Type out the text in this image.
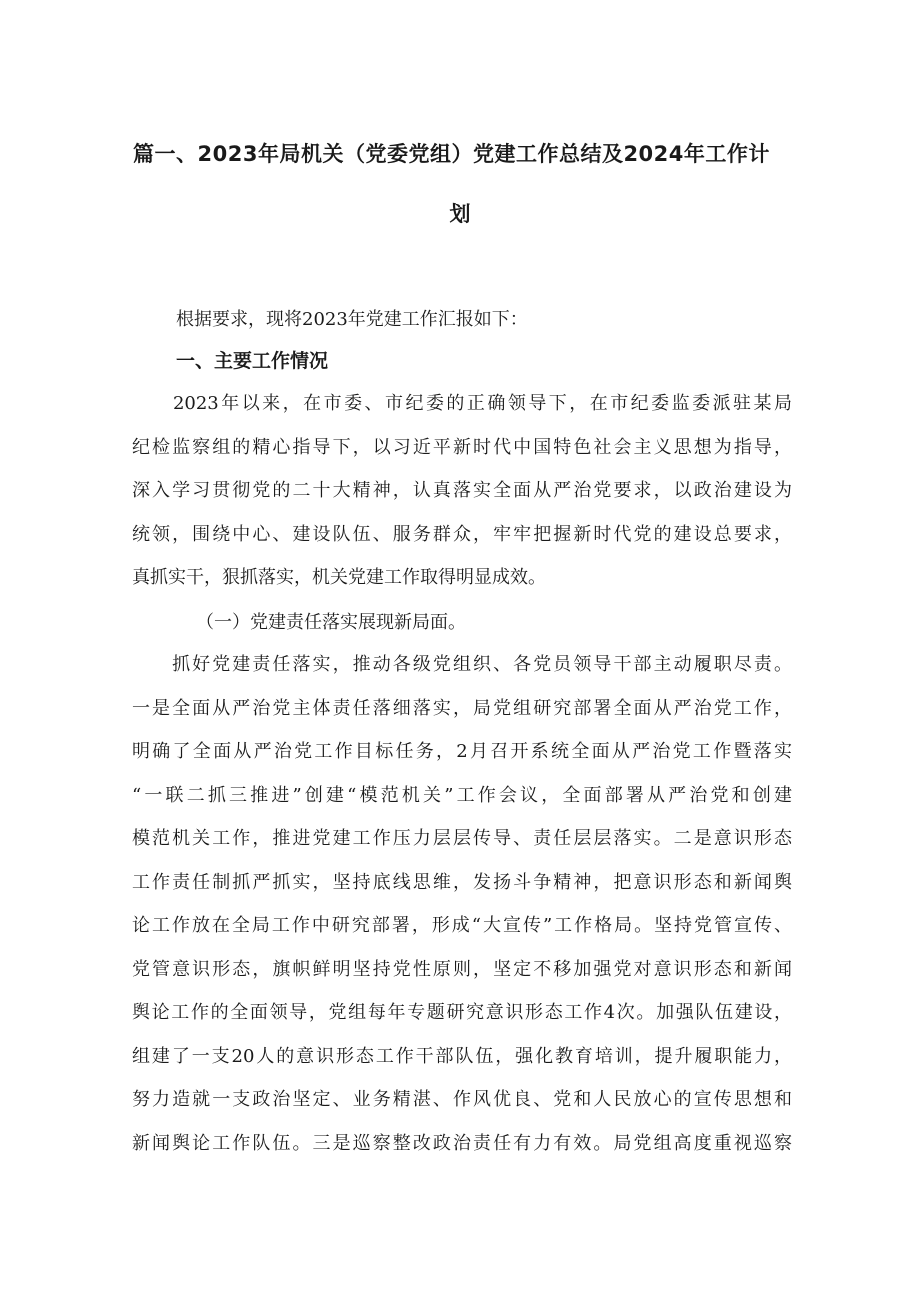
篇一、2023年局机关（党委党组）党建工作总结及2024年工作计
划
根据要求，现将2023年党建工作汇报如下：
一、主要工作情况
　　2023年以来，在市委、市纪委的正确领导下，在市纪委监委派驻某局
纪检监察组的精心指导下，以习近平新时代中国特色社会主义思想为指导，
深入学习贯彻党的二十大精神，认真落实全面从严治党要求，以政治建设为
统领，围绕中心、建设队伍、服务群众，牢牢把握新时代党的建设总要求，
真抓实干，狠抓落实，机关党建工作取得明显成效。
（一）党建责任落实展现新局面。
　　抓好党建责任落实，推动各级党组织、各党员领导干部主动履职尽责。
一是全面从严治党主体责任落细落实，局党组研究部署全面从严治党工作，
明确了全面从严治党工作目标任务，2月召开系统全面从严治党工作暨落实
“一联二抓三推进”创建“模范机关”工作会议，全面部署从严治党和创建
模范机关工作，推进党建工作压力层层传导、责任层层落实。二是意识形态
工作责任制抓严抓实，坚持底线思维，发扬斗争精神，把意识形态和新闻舆
论工作放在全局工作中研究部署，形成“大宣传”工作格局。坚持党管宣传、
党管意识形态，旗帜鲜明坚持党性原则，坚定不移加强党对意识形态和新闻
舆论工作的全面领导，党组每年专题研究意识形态工作4次。加强队伍建设，
组建了一支20人的意识形态工作干部队伍，强化教育培训，提升履职能力，
努力造就一支政治坚定、业务精湛、作风优良、党和人民放心的宣传思想和
新闻舆论工作队伍。三是巡察整改政治责任有力有效。局党组高度重视巡察
